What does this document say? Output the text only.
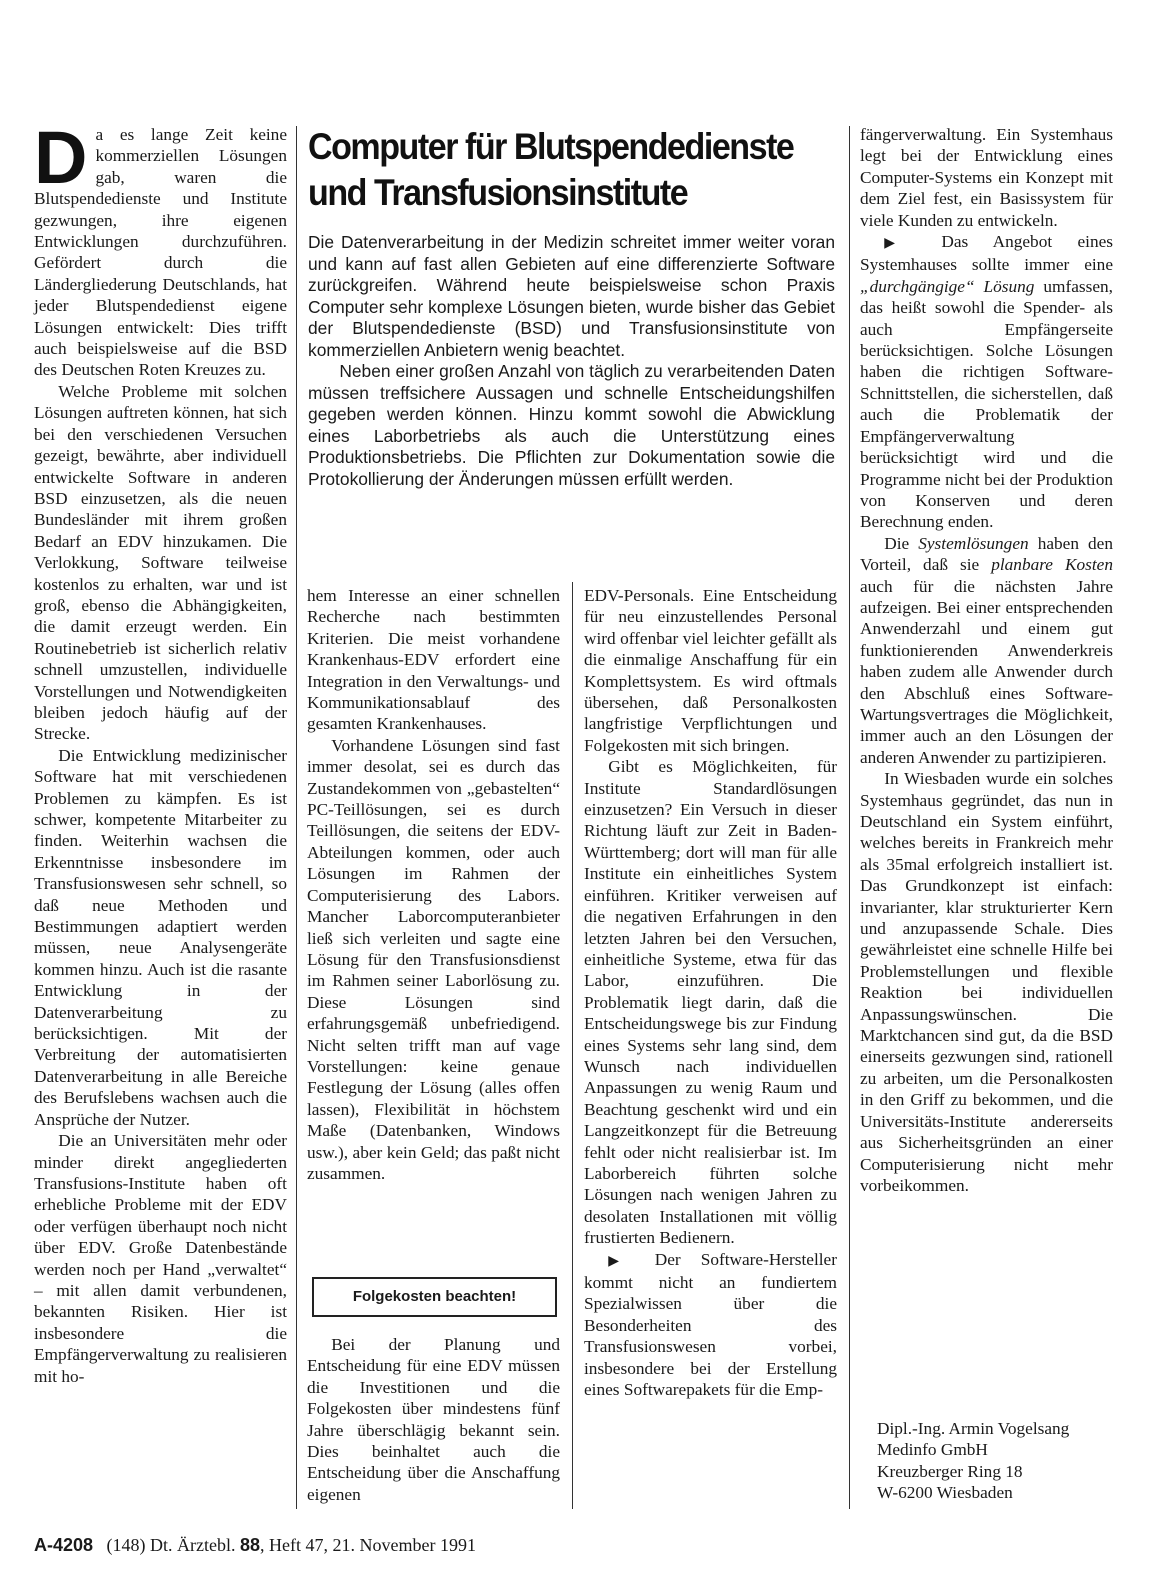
Computer für Blutspendedienste und Transfusionsinstitute

Die Datenverarbeitung in der Medizin schreitet immer weiter voran und kann auf fast allen Gebieten auf eine differenzierte Software zurückgreifen. Während heute beispielsweise schon Praxis Computer sehr komplexe Lösungen bieten, wurde bisher das Gebiet der Blutspendedienste (BSD) und Transfusionsinstitute von kommerziellen Anbietern wenig beachtet.

Neben einer großen Anzahl von täglich zu verarbeitenden Daten müssen treffsichere Aussagen und schnelle Entscheidungshilfen gegeben werden können. Hinzu kommt sowohl die Abwicklung eines Laborbetriebs als auch die Unterstützung eines Produktionsbetriebs. Die Pflichten zur Dokumentation sowie die Protokollierung der Änderungen müssen erfüllt werden.

Da es lange Zeit keine kommerziellen Lösungen gab, waren die Blutspendedienste und Institute gezwungen, ihre eigenen Entwicklungen durchzuführen. Gefördert durch die Ländergliederung Deutschlands, hat jeder Blutspendedienst eigene Lösungen entwickelt: Dies trifft auch beispielsweise auf die BSD des Deutschen Roten Kreuzes zu.

Welche Probleme mit solchen Lösungen auftreten können, hat sich bei den verschiedenen Versuchen gezeigt, bewährte, aber individuell entwickelte Software in anderen BSD einzusetzen, als die neuen Bundesländer mit ihrem großen Bedarf an EDV hinzukamen. Die Verlokkung, Software teilweise kostenlos zu erhalten, war und ist groß, ebenso die Abhängigkeiten, die damit erzeugt werden. Ein Routinebetrieb ist sicherlich relativ schnell umzustellen, individuelle Vorstellungen und Notwendigkeiten bleiben jedoch häufig auf der Strecke.

Die Entwicklung medizinischer Software hat mit verschiedenen Problemen zu kämpfen. Es ist schwer, kompetente Mitarbeiter zu finden. Weiterhin wachsen die Erkenntnisse insbesondere im Transfusionswesen sehr schnell, so daß neue Methoden und Bestimmungen adaptiert werden müssen, neue Analysengeräte kommen hinzu. Auch ist die rasante Entwicklung in der Datenverarbeitung zu berücksichtigen. Mit der Verbreitung der automatisierten Datenverarbeitung in alle Bereiche des Berufslebens wachsen auch die Ansprüche der Nutzer.

Die an Universitäten mehr oder minder direkt angegliederten Transfusions-Institute haben oft erhebliche Probleme mit der EDV oder verfügen überhaupt noch nicht über EDV. Große Datenbestände werden noch per Hand „verwaltet“ – mit allen damit verbundenen, bekannten Risiken. Hier ist insbesondere die Empfängerverwaltung zu realisieren mit ho-

hem Interesse an einer schnellen Recherche nach bestimmten Kriterien. Die meist vorhandene Krankenhaus-EDV erfordert eine Integration in den Verwaltungs- und Kommunikationsablauf des gesamten Krankenhauses.

Vorhandene Lösungen sind fast immer desolat, sei es durch das Zustandekommen von „gebastelten“ PC-Teillösungen, sei es durch Teillösungen, die seitens der EDV-Abteilungen kommen, oder auch Lösungen im Rahmen der Computerisierung des Labors. Mancher Laborcomputeranbieter ließ sich verleiten und sagte eine Lösung für den Transfusionsdienst im Rahmen seiner Laborlösung zu. Diese Lösungen sind erfahrungsgemäß unbefriedigend. Nicht selten trifft man auf vage Vorstellungen: keine genaue Festlegung der Lösung (alles offen lassen), Flexibilität in höchstem Maße (Datenbanken, Windows usw.), aber kein Geld; das paßt nicht zusammen.

Folgekosten beachten!

Bei der Planung und Entscheidung für eine EDV müssen die Investitionen und die Folgekosten über mindestens fünf Jahre überschlägig bekannt sein. Dies beinhaltet auch die Entscheidung über die Anschaffung eigenen

EDV-Personals. Eine Entscheidung für neu einzustellendes Personal wird offenbar viel leichter gefällt als die einmalige Anschaffung für ein Komplettsystem. Es wird oftmals übersehen, daß Personalkosten langfristige Verpflichtungen und Folgekosten mit sich bringen.

Gibt es Möglichkeiten, für Institute Standardlösungen einzusetzen? Ein Versuch in dieser Richtung läuft zur Zeit in Baden-Württemberg; dort will man für alle Institute ein einheitliches System einführen. Kritiker verweisen auf die negativen Erfahrungen in den letzten Jahren bei den Versuchen, einheitliche Systeme, etwa für das Labor, einzuführen. Die Problematik liegt darin, daß die Entscheidungswege bis zur Findung eines Systems sehr lang sind, dem Wunsch nach individuellen Anpassungen zu wenig Raum und Beachtung geschenkt wird und ein Langzeitkonzept für die Betreuung fehlt oder nicht realisierbar ist. Im Laborbereich führten solche Lösungen nach wenigen Jahren zu desolaten Installationen mit völlig frustierten Bedienern.

▶ Der Software-Hersteller kommt nicht an fundiertem Spezialwissen über die Besonderheiten des Transfusionswesen vorbei, insbesondere bei der Erstellung eines Softwarepakets für die Emp-

fängerverwaltung. Ein Systemhaus legt bei der Entwicklung eines Computer-Systems ein Konzept mit dem Ziel fest, ein Basissystem für viele Kunden zu entwickeln.

▶ Das Angebot eines Systemhauses sollte immer eine „durchgängige“ Lösung umfassen, das heißt sowohl die Spender- als auch Empfängerseite berücksichtigen. Solche Lösungen haben die richtigen Software-Schnittstellen, die sicherstellen, daß auch die Problematik der Empfängerverwaltung berücksichtigt wird und die Programme nicht bei der Produktion von Konserven und deren Berechnung enden.

Die Systemlösungen haben den Vorteil, daß sie planbare Kosten auch für die nächsten Jahre aufzeigen. Bei einer entsprechenden Anwenderzahl und einem gut funktionierenden Anwenderkreis haben zudem alle Anwender durch den Abschluß eines Software-Wartungsvertrages die Möglichkeit, immer auch an den Lösungen der anderen Anwender zu partizipieren.

In Wiesbaden wurde ein solches Systemhaus gegründet, das nun in Deutschland ein System einführt, welches bereits in Frankreich mehr als 35mal erfolgreich installiert ist. Das Grundkonzept ist einfach: invarianter, klar strukturierter Kern und anzupassende Schale. Dies gewährleistet eine schnelle Hilfe bei Problemstellungen und flexible Reaktion bei individuellen Anpassungswünschen. Die Marktchancen sind gut, da die BSD einerseits gezwungen sind, rationell zu arbeiten, um die Personalkosten in den Griff zu bekommen, und die Universitäts-Institute andererseits aus Sicherheitsgründen an einer Computerisierung nicht mehr vorbeikommen.

Dipl.-Ing. Armin Vogelsang
Medinfo GmbH
Kreuzberger Ring 18
W-6200 Wiesbaden
A-4208 (148) Dt. Ärztebl. 88, Heft 47, 21. November 1991
